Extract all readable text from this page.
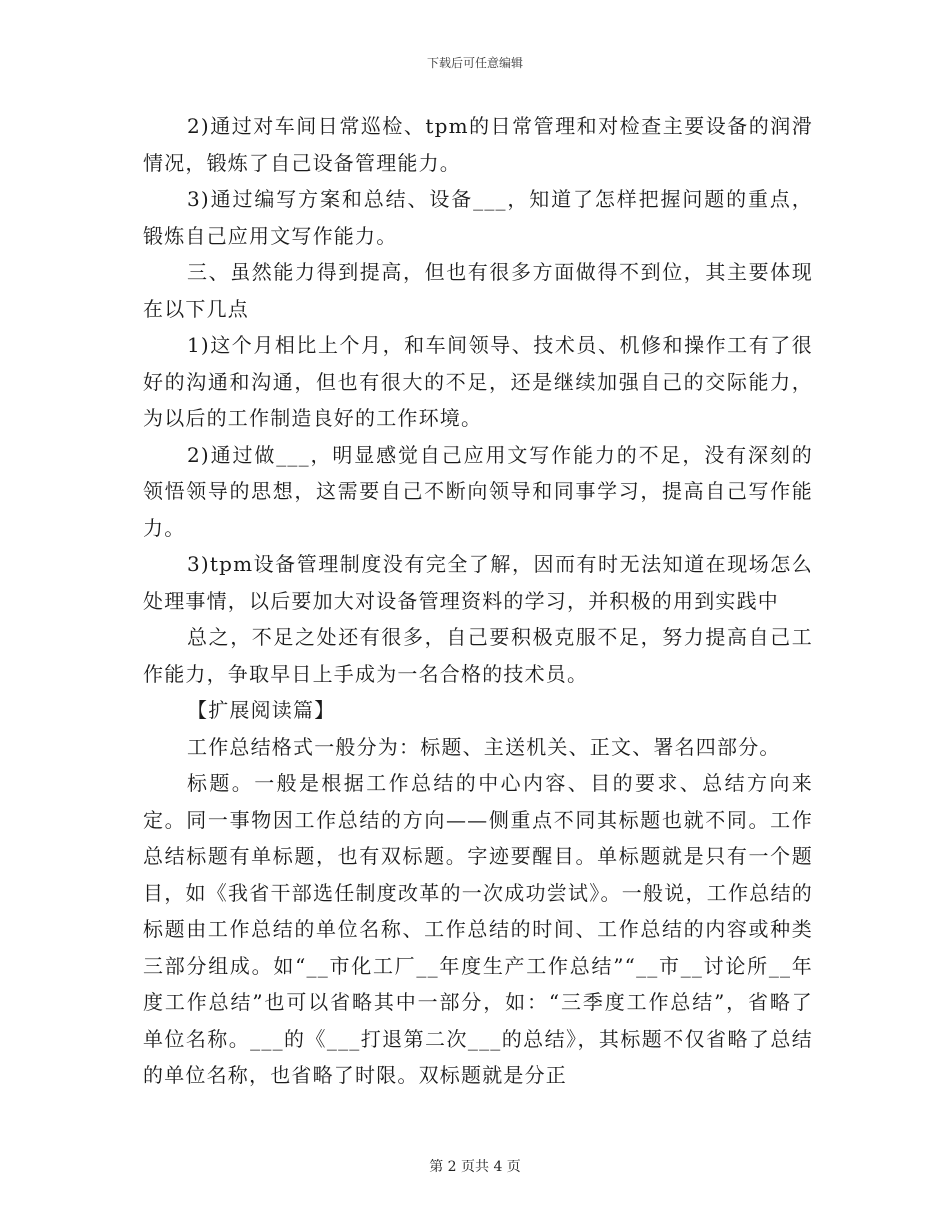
下载后可任意编辑

2)通过对车间日常巡检、tpm的日常管理和对检查主要设备的润滑情况，锻炼了自己设备管理能力。

3)通过编写方案和总结、设备___，知道了怎样把握问题的重点，锻炼自己应用文写作能力。

三、虽然能力得到提高，但也有很多方面做得不到位，其主要体现在以下几点

1)这个月相比上个月，和车间领导、技术员、机修和操作工有了很好的沟通和沟通，但也有很大的不足，还是继续加强自己的交际能力，为以后的工作制造良好的工作环境。

2)通过做___，明显感觉自己应用文写作能力的不足，没有深刻的领悟领导的思想，这需要自己不断向领导和同事学习，提高自己写作能力。

3)tpm设备管理制度没有完全了解，因而有时无法知道在现场怎么处理事情，以后要加大对设备管理资料的学习，并积极的用到实践中

总之，不足之处还有很多，自己要积极克服不足，努力提高自己工作能力，争取早日上手成为一名合格的技术员。

【扩展阅读篇】

工作总结格式一般分为：标题、主送机关、正文、署名四部分。

标题。一般是根据工作总结的中心内容、目的要求、总结方向来定。同一事物因工作总结的方向——侧重点不同其标题也就不同。工作总结标题有单标题，也有双标题。字迹要醒目。单标题就是只有一个题目，如《我省干部选任制度改革的一次成功尝试》。一般说，工作总结的标题由工作总结的单位名称、工作总结的时间、工作总结的内容或种类三部分组成。如“__市化工厂__年度生产工作总结”“__市__讨论所__年度工作总结”也可以省略其中一部分，如：“三季度工作总结”，省略了单位名称。___的《___打退第二次___的总结》，其标题不仅省略了总结的单位名称，也省略了时限。双标题就是分正

第 2 页共 4 页
